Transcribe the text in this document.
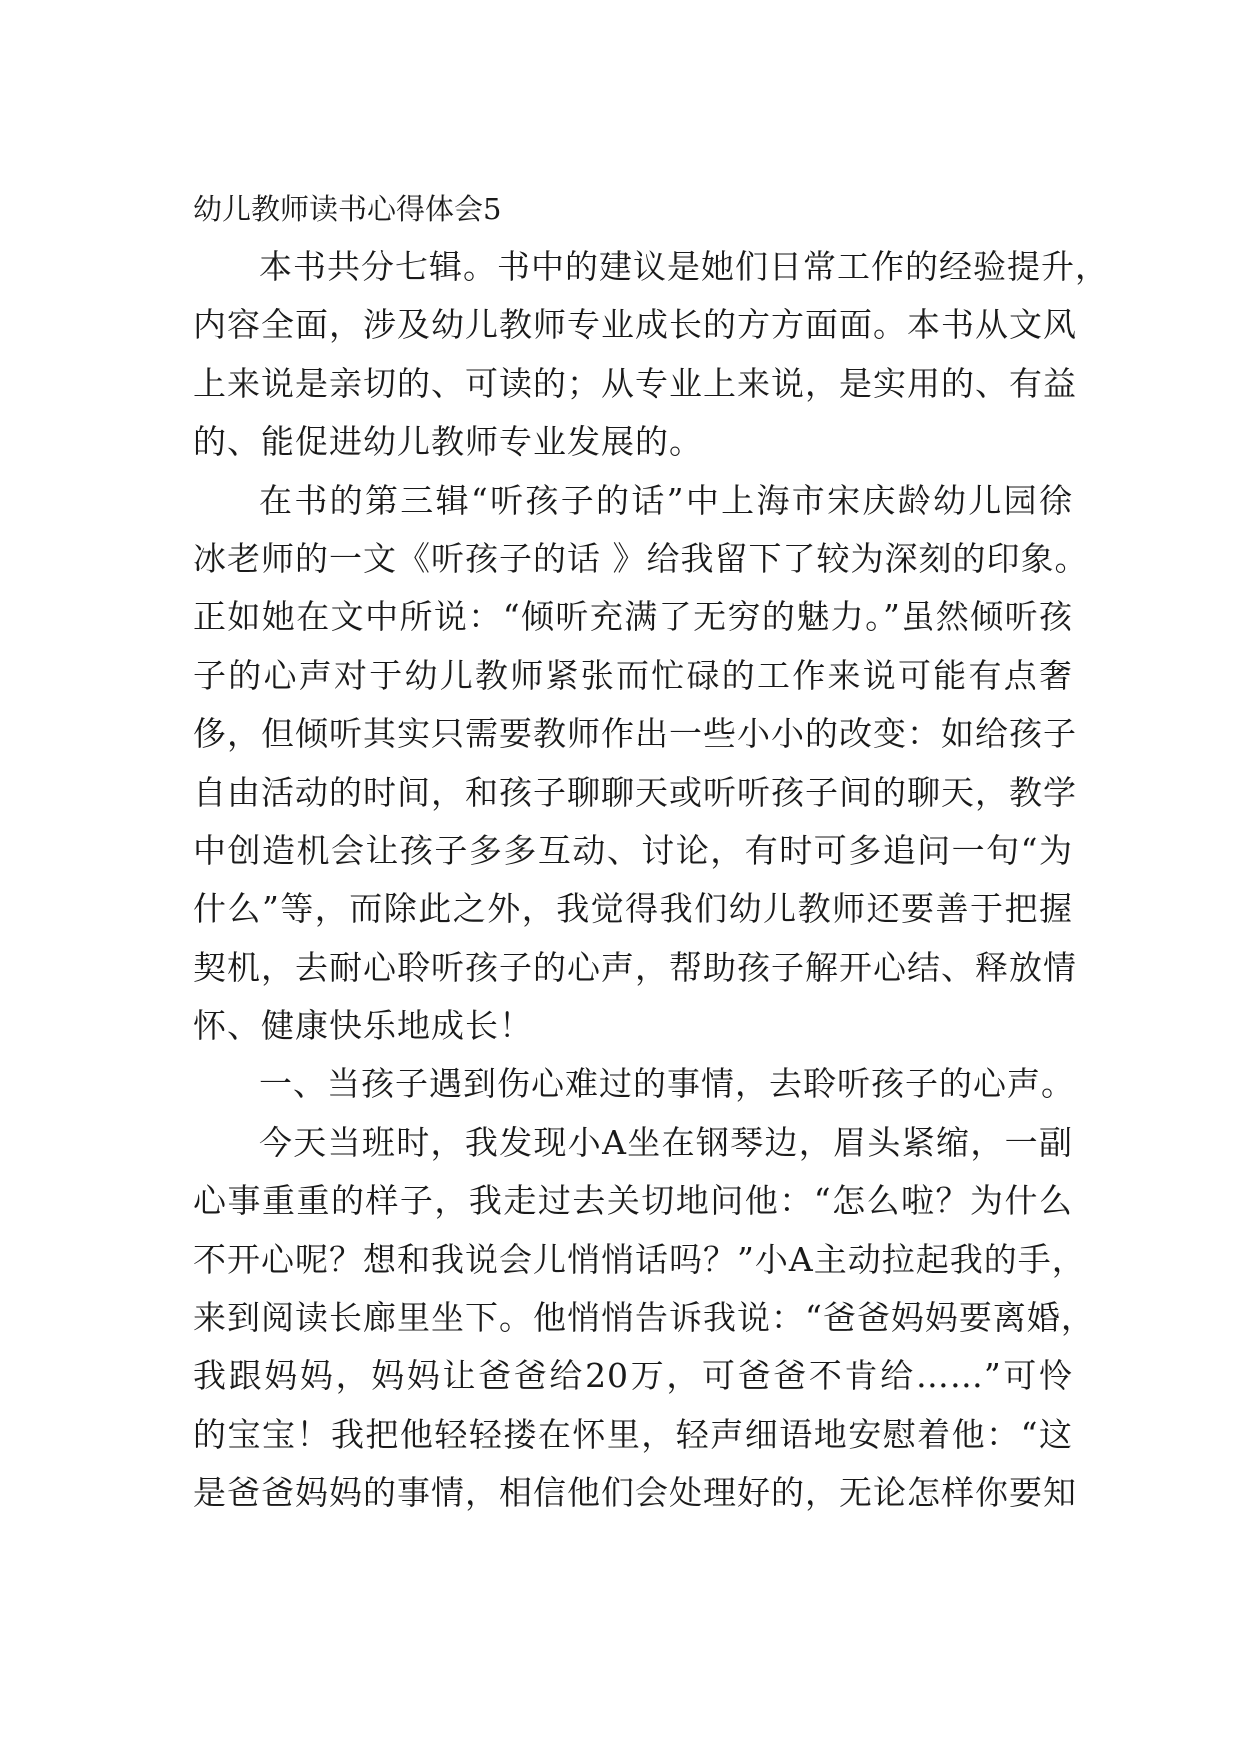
幼儿教师读书心得体会5
本书共分七辑。书中的建议是她们日常工作的经验提升，
内容全面，涉及幼儿教师专业成长的方方面面。本书从文风
上来说是亲切的、可读的；从专业上来说，是实用的、有益
的、能促进幼儿教师专业发展的。
在书的第三辑“听孩子的话”中上海市宋庆龄幼儿园徐
冰老师的一文《听孩子的话 》给我留下了较为深刻的印象。
正如她在文中所说：“倾听充满了无穷的魅力。”虽然倾听孩
子的心声对于幼儿教师紧张而忙碌的工作来说可能有点奢
侈，但倾听其实只需要教师作出一些小小的改变：如给孩子
自由活动的时间，和孩子聊聊天或听听孩子间的聊天，教学
中创造机会让孩子多多互动、讨论，有时可多追问一句“为
什么”等，而除此之外，我觉得我们幼儿教师还要善于把握
契机，去耐心聆听孩子的心声，帮助孩子解开心结、释放情
怀、健康快乐地成长！
一、当孩子遇到伤心难过的事情，去聆听孩子的心声。
今天当班时，我发现小A坐在钢琴边，眉头紧缩，一副
心事重重的样子，我走过去关切地问他：“怎么啦？为什么
不开心呢？想和我说会儿悄悄话吗？”小A主动拉起我的手，
来到阅读长廊里坐下。他悄悄告诉我说：“爸爸妈妈要离婚，
我跟妈妈，妈妈让爸爸给20万，可爸爸不肯给……”可怜
的宝宝！我把他轻轻搂在怀里，轻声细语地安慰着他：“这
是爸爸妈妈的事情，相信他们会处理好的，无论怎样你要知
